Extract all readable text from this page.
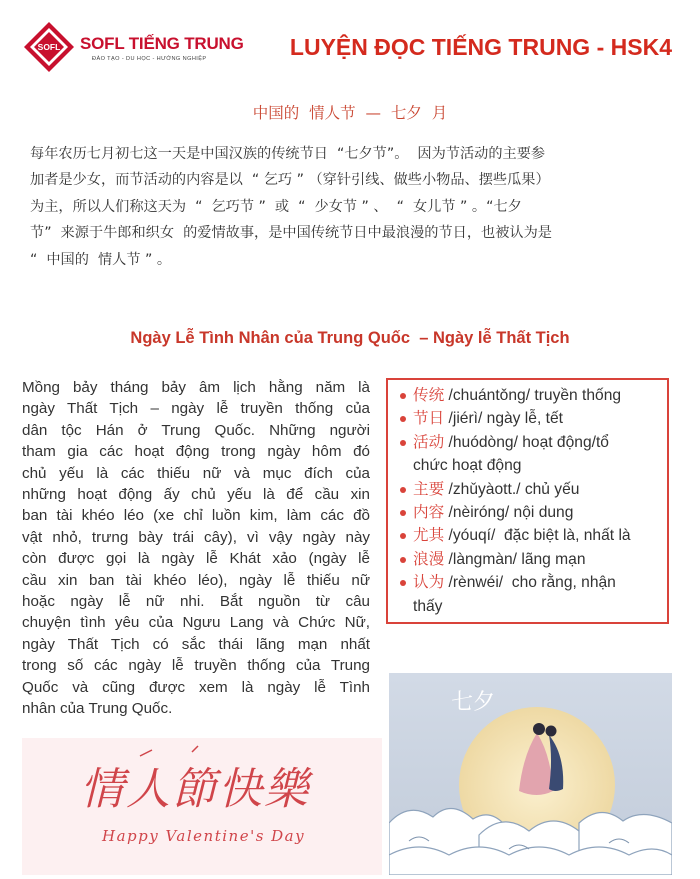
SOFL SOFL TIẾNG TRUNG
ĐÀO TẠO - DU HỌC - HƯỚNG NGHIỆP	LUYỆN ĐỌC TIẾNG TRUNG - HSK4
中国的  情人节  —  七夕  月
每年农历七月初七这一天是中国汉族的传统节日  “七夕节”。  因为节活动的主要参
加者是少女，而节活动的内容是以  “ 乞巧 ” （穿针引线、做些小物品、摆些瓜果）
为主，所以人们称这天为  “  乞巧节 ”  或  “  少女节 ” 、  “  女儿节 ” 。“七夕
节”  来源于牛郎和织女  的爱情故事，是中国传统节日中最浪漫的节日，也被认为是
“  中国的  情人节 ” 。
Ngày Lễ Tình Nhân của Trung Quốc  – Ngày lễ Thất Tịch
Mồng bảy tháng bảy âm lịch hằng năm là
ngày Thất Tịch – ngày lễ truyền thống của
dân tộc Hán ở Trung Quốc. Những người
tham gia các hoạt động trong ngày hôm đó
chủ yếu là các thiếu nữ và mục đích của
những hoạt động ấy chủ yếu là để cầu xin
ban tài khéo léo (xe chỉ luồn kim, làm các đồ
vật nhỏ, trưng bày trái cây), vì vậy ngày này
còn được gọi là ngày lễ Khát xảo (ngày lễ
cầu xin ban tài khéo léo), ngày lễ thiếu nữ
hoặc ngày lễ nữ nhi. Bắt nguồn từ câu
chuyện tình yêu của Ngưu Lang và Chức Nữ,
ngày Thất Tịch có sắc thái lãng mạn nhất
trong số các ngày lễ truyền thống của Trung
Quốc và cũng được xem là ngày lễ Tình
nhân của Trung Quốc.
传统 /chuántǒng/ truyền thống
节日 /jiérì/ ngày lễ, tết
活动 /huódòng/ hoạt động/tổ
chức hoạt động
主要 /zhǔyàott./ chủ yếu
内容 /nèiróng/ nội dung
尤其 /yóuqí/  đặc biệt là, nhất là
浪漫 /làngmàn/ lãng mạn
认为 /rènwéi/  cho rằng, nhận
thấy
情人節快樂
Happy Valentine's Day
七夕
